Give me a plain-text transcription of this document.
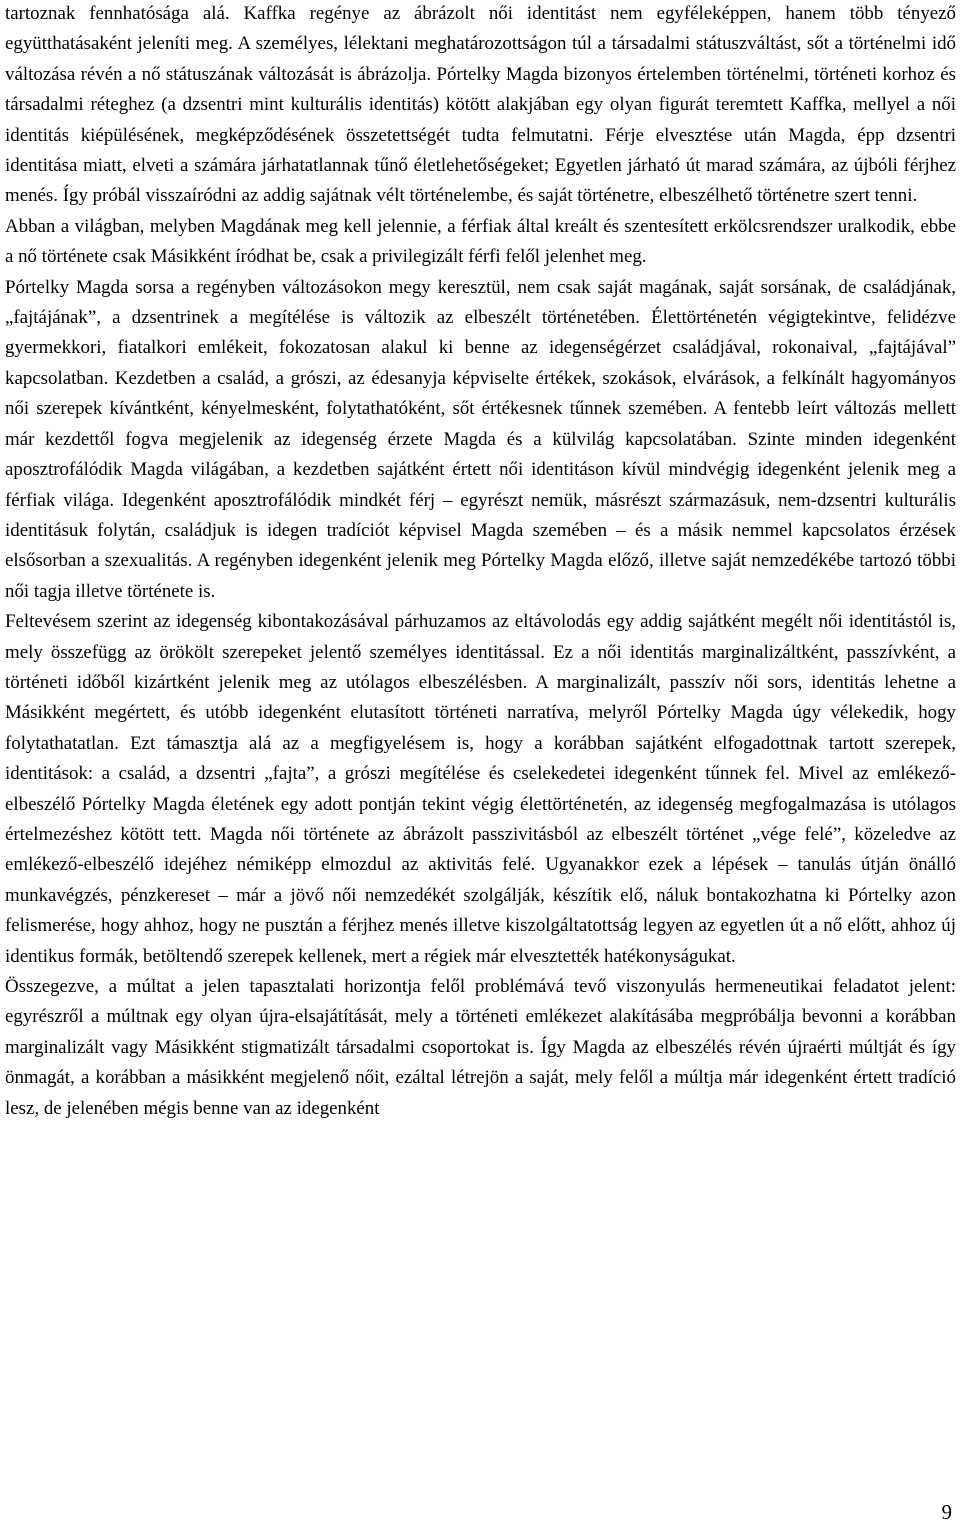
tartoznak fennhatósága alá. Kaffka regénye az ábrázolt női identitást nem egyféleképpen, hanem több tényező együtthatásaként jeleníti meg. A személyes, lélektani meghatározottságon túl a társadalmi státuszváltást, sőt a történelmi idő változása révén a nő státuszának változását is ábrázolja. Pórtelky Magda bizonyos értelemben történelmi, történeti korhoz és társadalmi réteghez (a dzsentri mint kulturális identitás) kötött alakjában egy olyan figurát teremtett Kaffka, mellyel a női identitás kiépülésének, megképződésének összetettségét tudta felmutatni. Férje elvesztése után Magda, épp dzsentri identitása miatt, elveti a számára járhatatlannak tűnő életlehetőségeket; Egyetlen járható út marad számára, az újbóli férjhez menés. Így próbál visszaíródni az addig sajátnak vélt történelembe, és saját történetre, elbeszélhető történetre szert tenni.

Abban a világban, melyben Magdának meg kell jelennie, a férfiak által kreált és szentesített erkölcsrendszer uralkodik, ebbe a nő története csak Másikként íródhat be, csak a privilegizált férfi felől jelenhet meg.

Pórtelky Magda sorsa a regényben változásokon megy keresztül, nem csak saját magának, saját sorsának, de családjának, „fajtájának”, a dzsentrinek a megítélése is változik az elbeszélt történetében. Élettörténetén végigtekintve, felidézve gyermekkori, fiatalkori emlékeit, fokozatosan alakul ki benne az idegenségérzet családjával, rokonaival, „fajtájával” kapcsolatban. Kezdetben a család, a grószi, az édesanyja képviselte értékek, szokások, elvárások, a felkínált hagyományos női szerepek kívántként, kényelmesként, folytathatóként, sőt értékesnek tűnnek szemében. A fentebb leírt változás mellett már kezdettől fogva megjelenik az idegenség érzete Magda és a külvilág kapcsolatában. Szinte minden idegenként aposztrofálódik Magda világában, a kezdetben sajátként értett női identitáson kívül mindvégig idegenként jelenik meg a férfiak világa. Idegenként aposztrofálódik mindkét férj – egyrészt nemük, másrészt származásuk, nem-dzsentri kulturális identitásuk folytán, családjuk is idegen tradíciót képvisel Magda szemében – és a másik nemmel kapcsolatos érzések elsősorban a szexualitás. A regényben idegenként jelenik meg Pórtelky Magda előző, illetve saját nemzedékébe tartozó többi női tagja illetve története is.

Feltevésem szerint az idegenség kibontakozásával párhuzamos az eltávolodás egy addig sajátként megélt női identitástól is, mely összefügg az örökölt szerepeket jelentő személyes identitással. Ez a női identitás marginalizáltként, passzívként, a történeti időből kizártként jelenik meg az utólagos elbeszélésben. A marginalizált, passzív női sors, identitás lehetne a Másikként megértett, és utóbb idegenként elutasított történeti narratíva, melyről Pórtelky Magda úgy vélekedik, hogy folytathatatlan. Ezt támasztja alá az a megfigyelésem is, hogy a korábban sajátként elfogadottnak tartott szerepek, identitások: a család, a dzsentri „fajta”, a grószi megítélése és cselekedetei idegenként tűnnek fel. Mivel az emlékező-elbeszélő Pórtelky Magda életének egy adott pontján tekint végig élettörténetén, az idegenség megfogalmazása is utólagos értelmezéshez kötött tett. Magda női története az ábrázolt passzivitásból az elbeszélt történet „vége felé”, közeledve az emlékező-elbeszélő idejéhez némiképp elmozdul az aktivitás felé. Ugyanakkor ezek a lépések – tanulás útján önálló munkavégzés, pénzkereset – már a jövő női nemzedékét szolgálják, készítik elő, náluk bontakozhatna ki Pórtelky azon felismerése, hogy ahhoz, hogy ne pusztán a férjhez menés illetve kiszolgáltatottság legyen az egyetlen út a nő előtt, ahhoz új identikus formák, betöltendő szerepek kellenek, mert a régiek már elvesztették hatékonyságukat.

Összegezve, a múltat a jelen tapasztalati horizontja felől problémává tevő viszonyulás hermeneutikai feladatot jelent: egyrészről a múltnak egy olyan újra-elsajátítását, mely a történeti emlékezet alakításába megpróbálja bevonni a korábban marginalizált vagy Másikként stigmatizált társadalmi csoportokat is. Így Magda az elbeszélés révén újraérti múltját és így önmagát, a korábban a másikként megjelenő nőit, ezáltal létrejön a saját, mely felől a múltja már idegenként értett tradíció lesz, de jelenében mégis benne van az idegenként

9
